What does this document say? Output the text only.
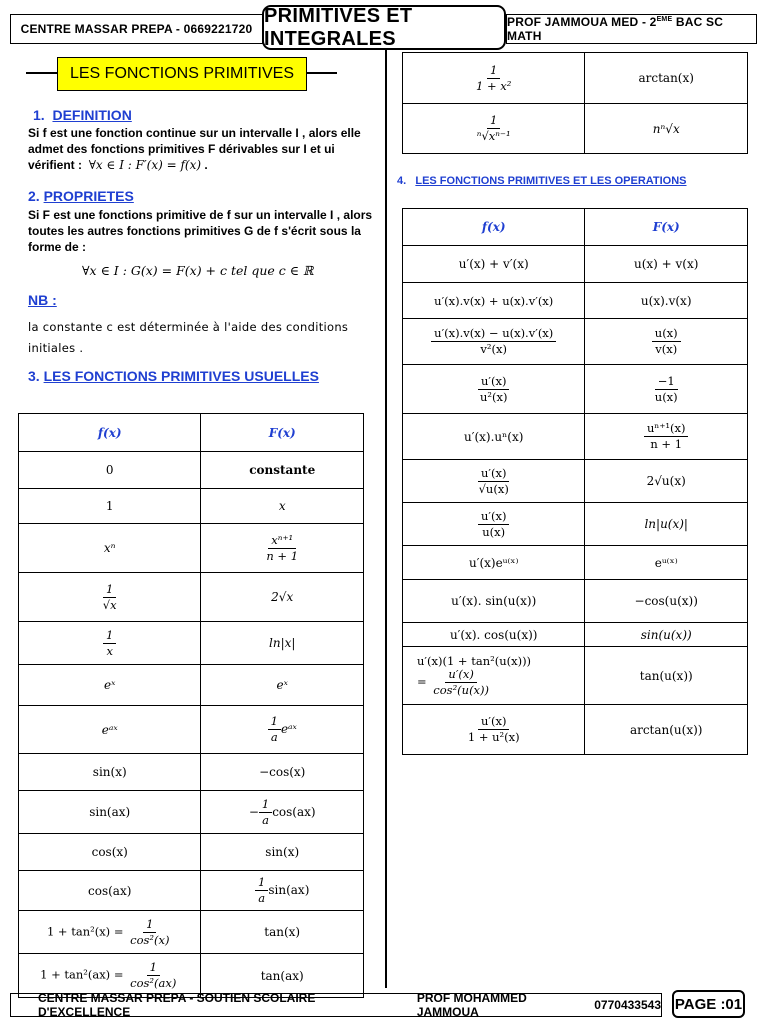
CENTRE MASSAR PREPA - 0669221720
PRIMITIVES ET INTEGRALES
PROF JAMMOUA MED - 2EME BAC SC MATH
LES FONCTIONS PRIMITIVES
1. DEFINITION
Si f est une fonction continue sur un intervalle I , alors elle
admet des fonctions primitives F dérivables sur I et ui
vérifient : ∀x ∈ I : F′(x) = f(x) .
2. PROPRIETES
Si F est une fonctions primitive de f sur un intervalle I , alors
toutes les autres fonctions primitives G de f s'écrit sous la
forme de :
∀x ∈ I : G(x) = F(x) + c tel que c ∈ ℝ
NB :
la constante c est déterminée à l'aide des conditions
initiales .
3. LES FONCTIONS PRIMITIVES USUELLES
f(x)	F(x)
0	constante
1	x
xⁿ	$\frac{\text{xⁿ⁺¹}}{n + 1}$

$\frac{1}{√x}$	2√x

$\frac{1}{x}$	ln|x|
eˣ	eˣ
eᵃˣ	$\frac{1}{a}$ eᵃˣ
sin(x)	−cos(x)
sin(ax)	− $\frac{1}{a} \cos(ax)$
cos(x)	sin(x)
cos(ax)	$\frac{1}{a} \sin(ax)$
$1 + \tan^2(x) = \frac{1}{\text{cos²(x)}}$	tan(x)
$1 + \tan^2(ax) = \frac{1}{\text{cos²(ax)}}$	tan(ax)
$\frac{1}{\text{1 + x²}}$	arctan(x)

$\frac{1}{\text{ⁿ√xⁿ⁻¹}}$	nⁿ√x
4. LES FONCTIONS PRIMITIVES ET LES OPERATIONS
f(x)	F(x)
u′(x) + v′(x)	u(x) + v(x)
u′(x).v(x) + u(x).v′(x)	u(x).v(x)

$\frac{u'(x).v(x) - u(x).v'(x)}{\text{v²(x)}}$	$\frac{u(x)}{v(x)}$

$\frac{u'(x)}{\text{u²(x)}}$	$\frac{-1}{u(x)}$

u′(x).uⁿ(x)	$\frac{\text{uⁿ⁺¹(x)}}{n + 1}$

$\frac{u'(x)}{√u(x)}$	2√u(x)

$\frac{u'(x)}{u(x)}$	ln|u(x)|
u′(x)eᵘ⁽ˣ⁾	eᵘ⁽ˣ⁾
u′(x). sin(u(x))	−cos(u(x))
u′(x). cos(u(x))	sin(u(x))

u′(x)(1 + tan²(u(x)))
= $\frac{u'(x)}{\text{cos²(u(x))}}$	tan(u(x))

$\frac{u'(x)}{\text{1 + u²(x)}}$	arctan(u(x))
CENTRE MASSAR PREPA - SOUTIEN SCOLAIRE D'EXCELLENCE
PROF MOHAMMED JAMMOUA	0770433543 PAGE :01
